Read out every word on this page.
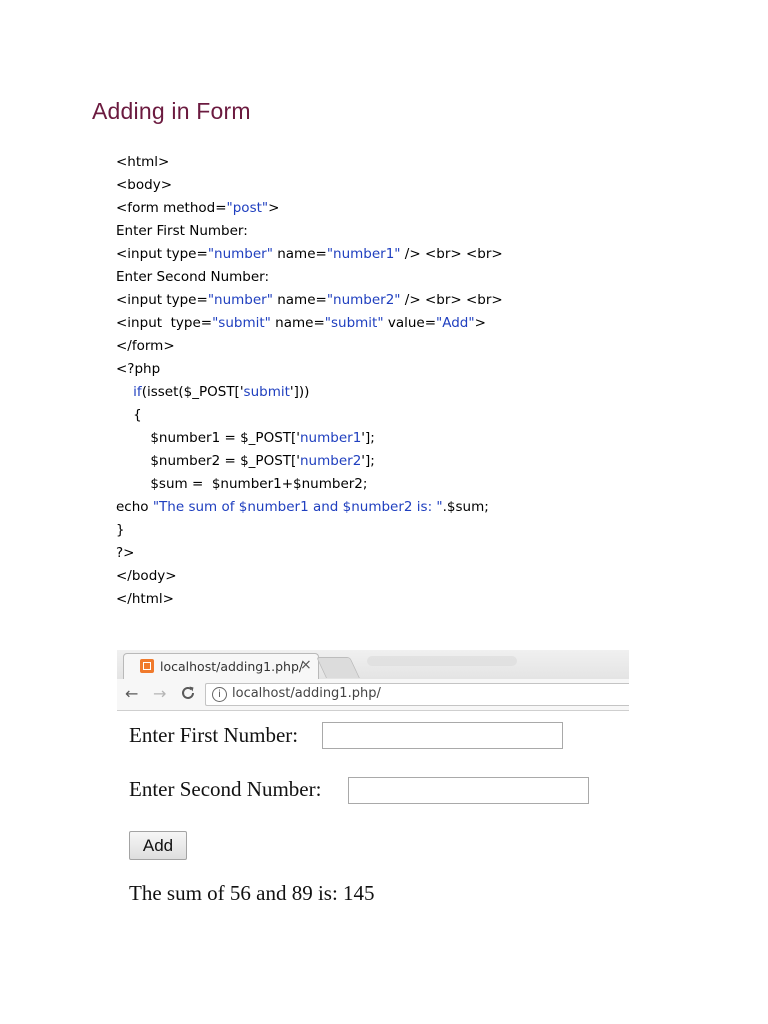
Adding in Form
<html>
<body>
<form method="post">
Enter First Number:
<input type="number" name="number1" /> <br> <br>
Enter Second Number:
<input type="number" name="number2" /> <br> <br>
<input  type="submit" name="submit" value="Add">
</form>
<?php
if(isset($_POST['submit']))
{
$number1 = $_POST['number1'];
$number2 = $_POST['number2'];
$sum =  $number1+$number2;
echo "The sum of $number1 and $number2 is: ".$sum;
}
?>
</body>
</html>
localhost/adding1.php/
×
← →	i localhost/adding1.php/
Enter First Number:
Enter Second Number:
Add
The sum of 56 and 89 is: 145
